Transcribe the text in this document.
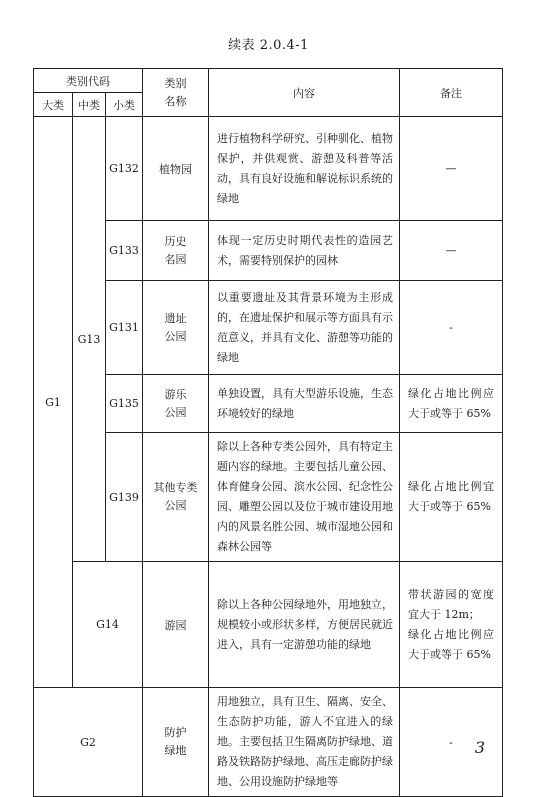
续表 2.0.4-1
类别代码			类别名称	内容	备注
大类	中类	小类			
G1	G13	G132	植物园	进行植物科学研究、引种驯化、植物保护，并供观赏、游憩及科普等活动，具有良好设施和解说标识系统的绿地	—
		G133	历史名园	体现一定历史时期代表性的造园艺术，需要特别保护的园林	—
		G131	遗址公园	以重要遗址及其背景环境为主形成的，在遗址保护和展示等方面具有示范意义，并具有文化、游憩等功能的绿地	-
		G135	游乐公园	单独设置，具有大型游乐设施，生态环境较好的绿地	绿化占地比例应大于或等于 65%
		G139	其他专类公园	除以上各种专类公园外，具有特定主题内容的绿地。主要包括儿童公园、体育健身公园、滨水公园、纪念性公园、雕塑公园以及位于城市建设用地内的风景名胜公园、城市湿地公园和森林公园等	绿化占地比例宜大于或等于 65%
	G14		游园	除以上各种公园绿地外，用地独立，规模较小或形状多样，方便居民就近进入，具有一定游憩功能的绿地	带状游园的宽度宜大于 12m；
绿化占地比例应大于或等于 65%

G2			防护绿地	用地独立，具有卫生、隔离、安全、生态防护功能，游人不宜进入的绿地。主要包括卫生隔离防护绿地、道路及铁路防护绿地、高压走廊防护绿地、公用设施防护绿地等	- 3
